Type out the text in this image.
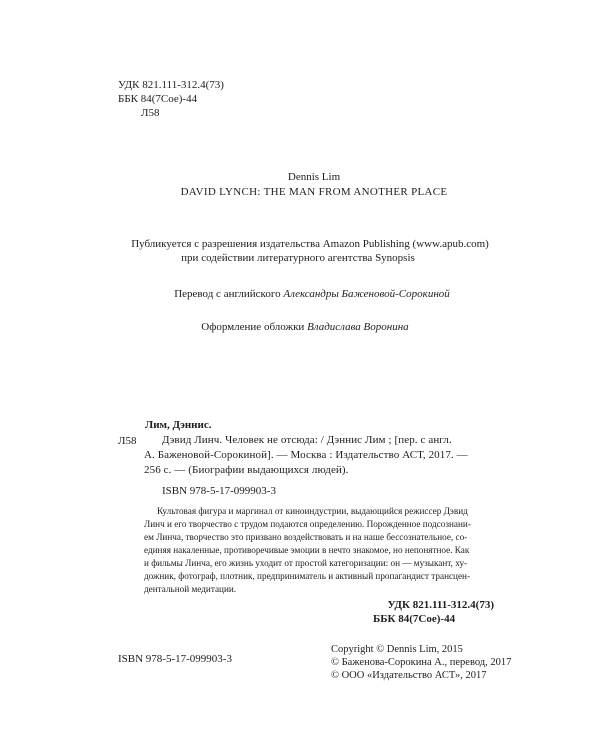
УДК 821.111-312.4(73)
ББК 84(7Сое)-44
Л58
Dennis Lim
DAVID LYNCH: THE MAN FROM ANOTHER PLACE
Публикуется с разрешения издательства Amazon Publishing (www.apub.com)
при содействии литературного агентства Synopsis
Перевод с английского Александры Баженовой-Сорокиной
Оформление обложки Владислава Воронина
Лим, Дэннис.
Л58 Дэвид Линч. Человек не отсюда: / Дэннис Лим ; [пер. с англ.
А. Баженовой-Сорокиной]. — Москва : Издательство АСТ, 2017. —
256 с. — (Биографии выдающихся людей).
ISBN 978-5-17-099903-3
Культовая фигура и маргинал от киноиндустрии, выдающийся режиссер Дэвид
Линч и его творчество с трудом подаются определению. Порожденное подсознани-
ем Линча, творчество это призвано воздействовать и на наше бессознательное, со-
единяя накаленные, противоречивые эмоции в нечто знакомое, но непонятное. Как
и фильмы Линча, его жизнь уходит от простой категоризации: он — музыкант, ху-
дожник, фотограф, плотник, предприниматель и активный пропагандист трансцен-
дентальной медитации.
УДК 821.111-312.4(73)
ББК 84(7Сое)-44
ISBN 978-5-17-099903-3
Copyright © Dennis Lim, 2015
© Баженова-Сорокина А., перевод, 2017
© ООО «Издательство АСТ», 2017
